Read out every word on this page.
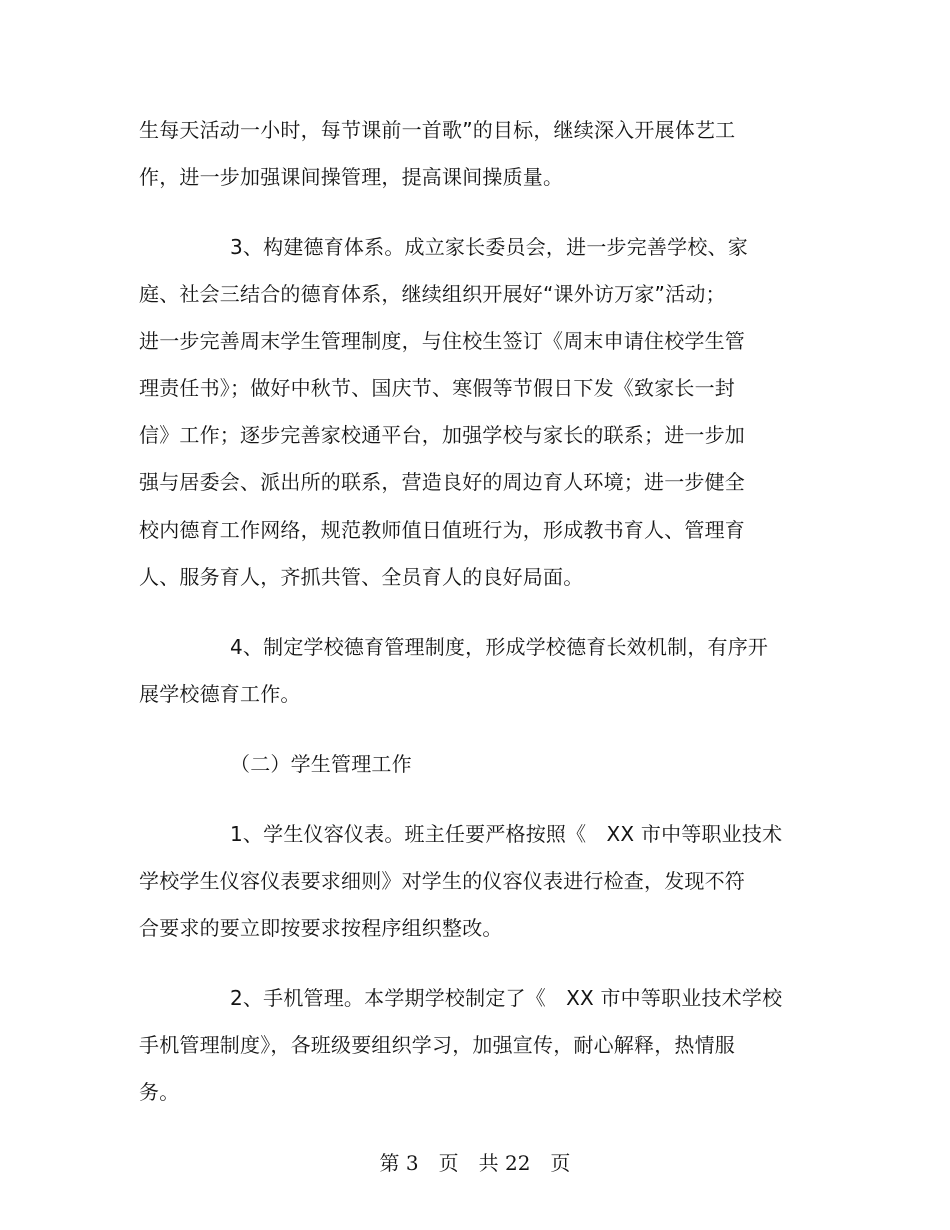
生每天活动一小时，每节课前一首歌”的目标，继续深入开展体艺工
作，进一步加强课间操管理，提高课间操质量。
3、构建德育体系。成立家长委员会，进一步完善学校、家
庭、社会三结合的德育体系，继续组织开展好“课外访万家”活动；
进一步完善周末学生管理制度，与住校生签订《周末申请住校学生管
理责任书》；做好中秋节、国庆节、寒假等节假日下发《致家长一封
信》工作；逐步完善家校通平台，加强学校与家长的联系；进一步加
强与居委会、派出所的联系，营造良好的周边育人环境；进一步健全
校内德育工作网络，规范教师值日值班行为，形成教书育人、管理育
人、服务育人，齐抓共管、全员育人的良好局面。
4、制定学校德育管理制度，形成学校德育长效机制，有序开
展学校德育工作。
（二）学生管理工作
1、学生仪容仪表。班主任要严格按照《　XX 市中等职业技术
学校学生仪容仪表要求细则》对学生的仪容仪表进行检查，发现不符
合要求的要立即按要求按程序组织整改。
2、手机管理。本学期学校制定了《　XX 市中等职业技术学校
手机管理制度》，各班级要组织学习，加强宣传，耐心解释，热情服
务。
第 3　页　共 22　页
